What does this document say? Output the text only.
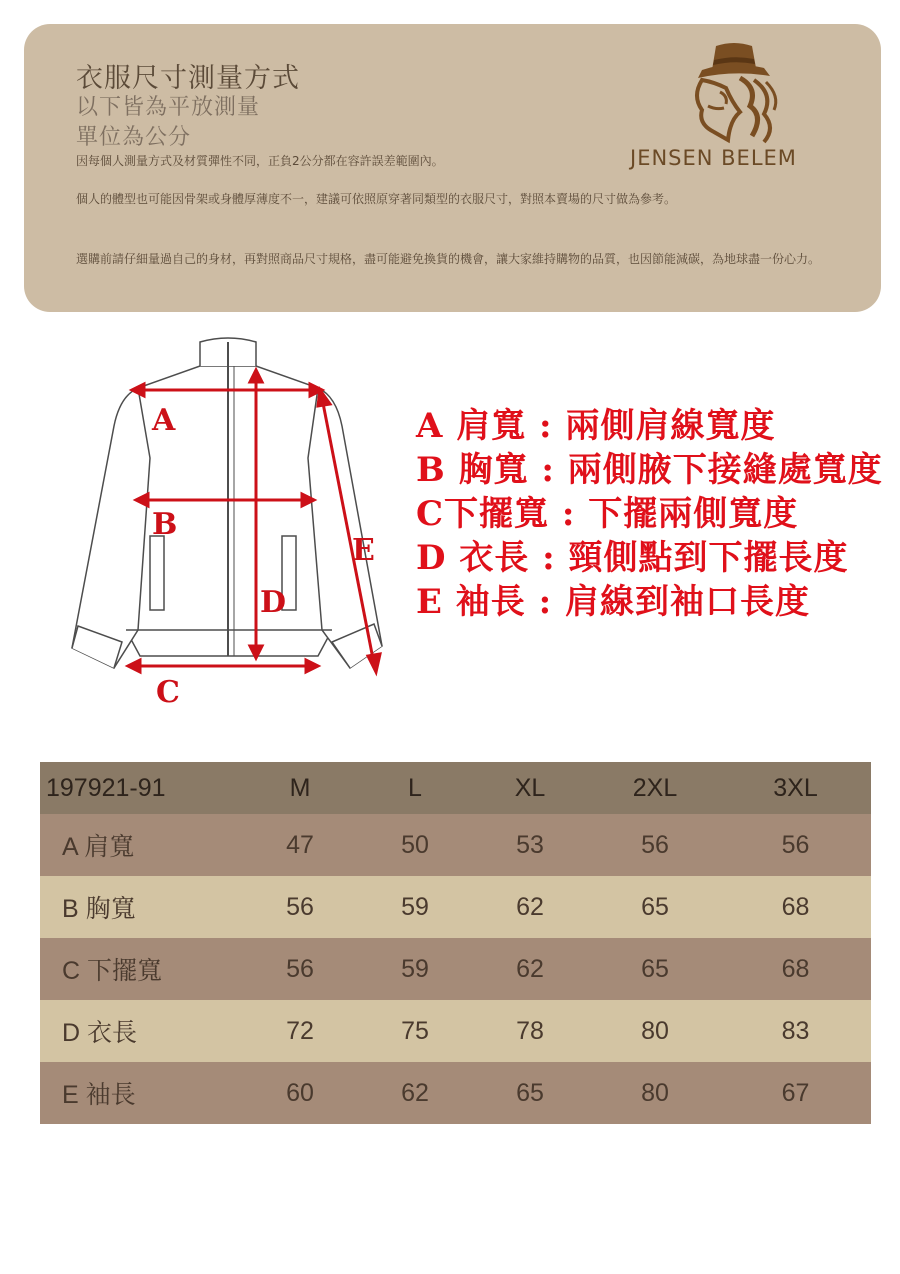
衣服尺寸測量方式
以下皆為平放測量
單位為公分
因每個人測量方式及材質彈性不同，正負2公分都在容許誤差範圍內。
個人的體型也可能因骨架或身體厚薄度不一，建議可依照原穿著同類型的衣服尺寸，對照本賣場的尺寸做為參考。
選購前請仔細量過自己的身材，再對照商品尺寸規格，盡可能避免換貨的機會，讓大家維持購物的品質，也因節能減碳，為地球盡一份心力。
JENSEN BELEM
A
B
C
D
E
A 肩寬 : 兩側肩線寬度
B 胸寬 : 兩側腋下接縫處寬度
C下擺寬 : 下擺兩側寬度
D 衣長 : 頸側點到下擺長度
E 袖長 : 肩線到袖口長度
197921-91	M	L	XL	2XL	3XL
A 肩寬	47	50	53	56	56
B 胸寬	56	59	62	65	68
C 下擺寬	56	59	62	65	68
D 衣長	72	75	78	80	83
E 袖長	60	62	65	80	67
